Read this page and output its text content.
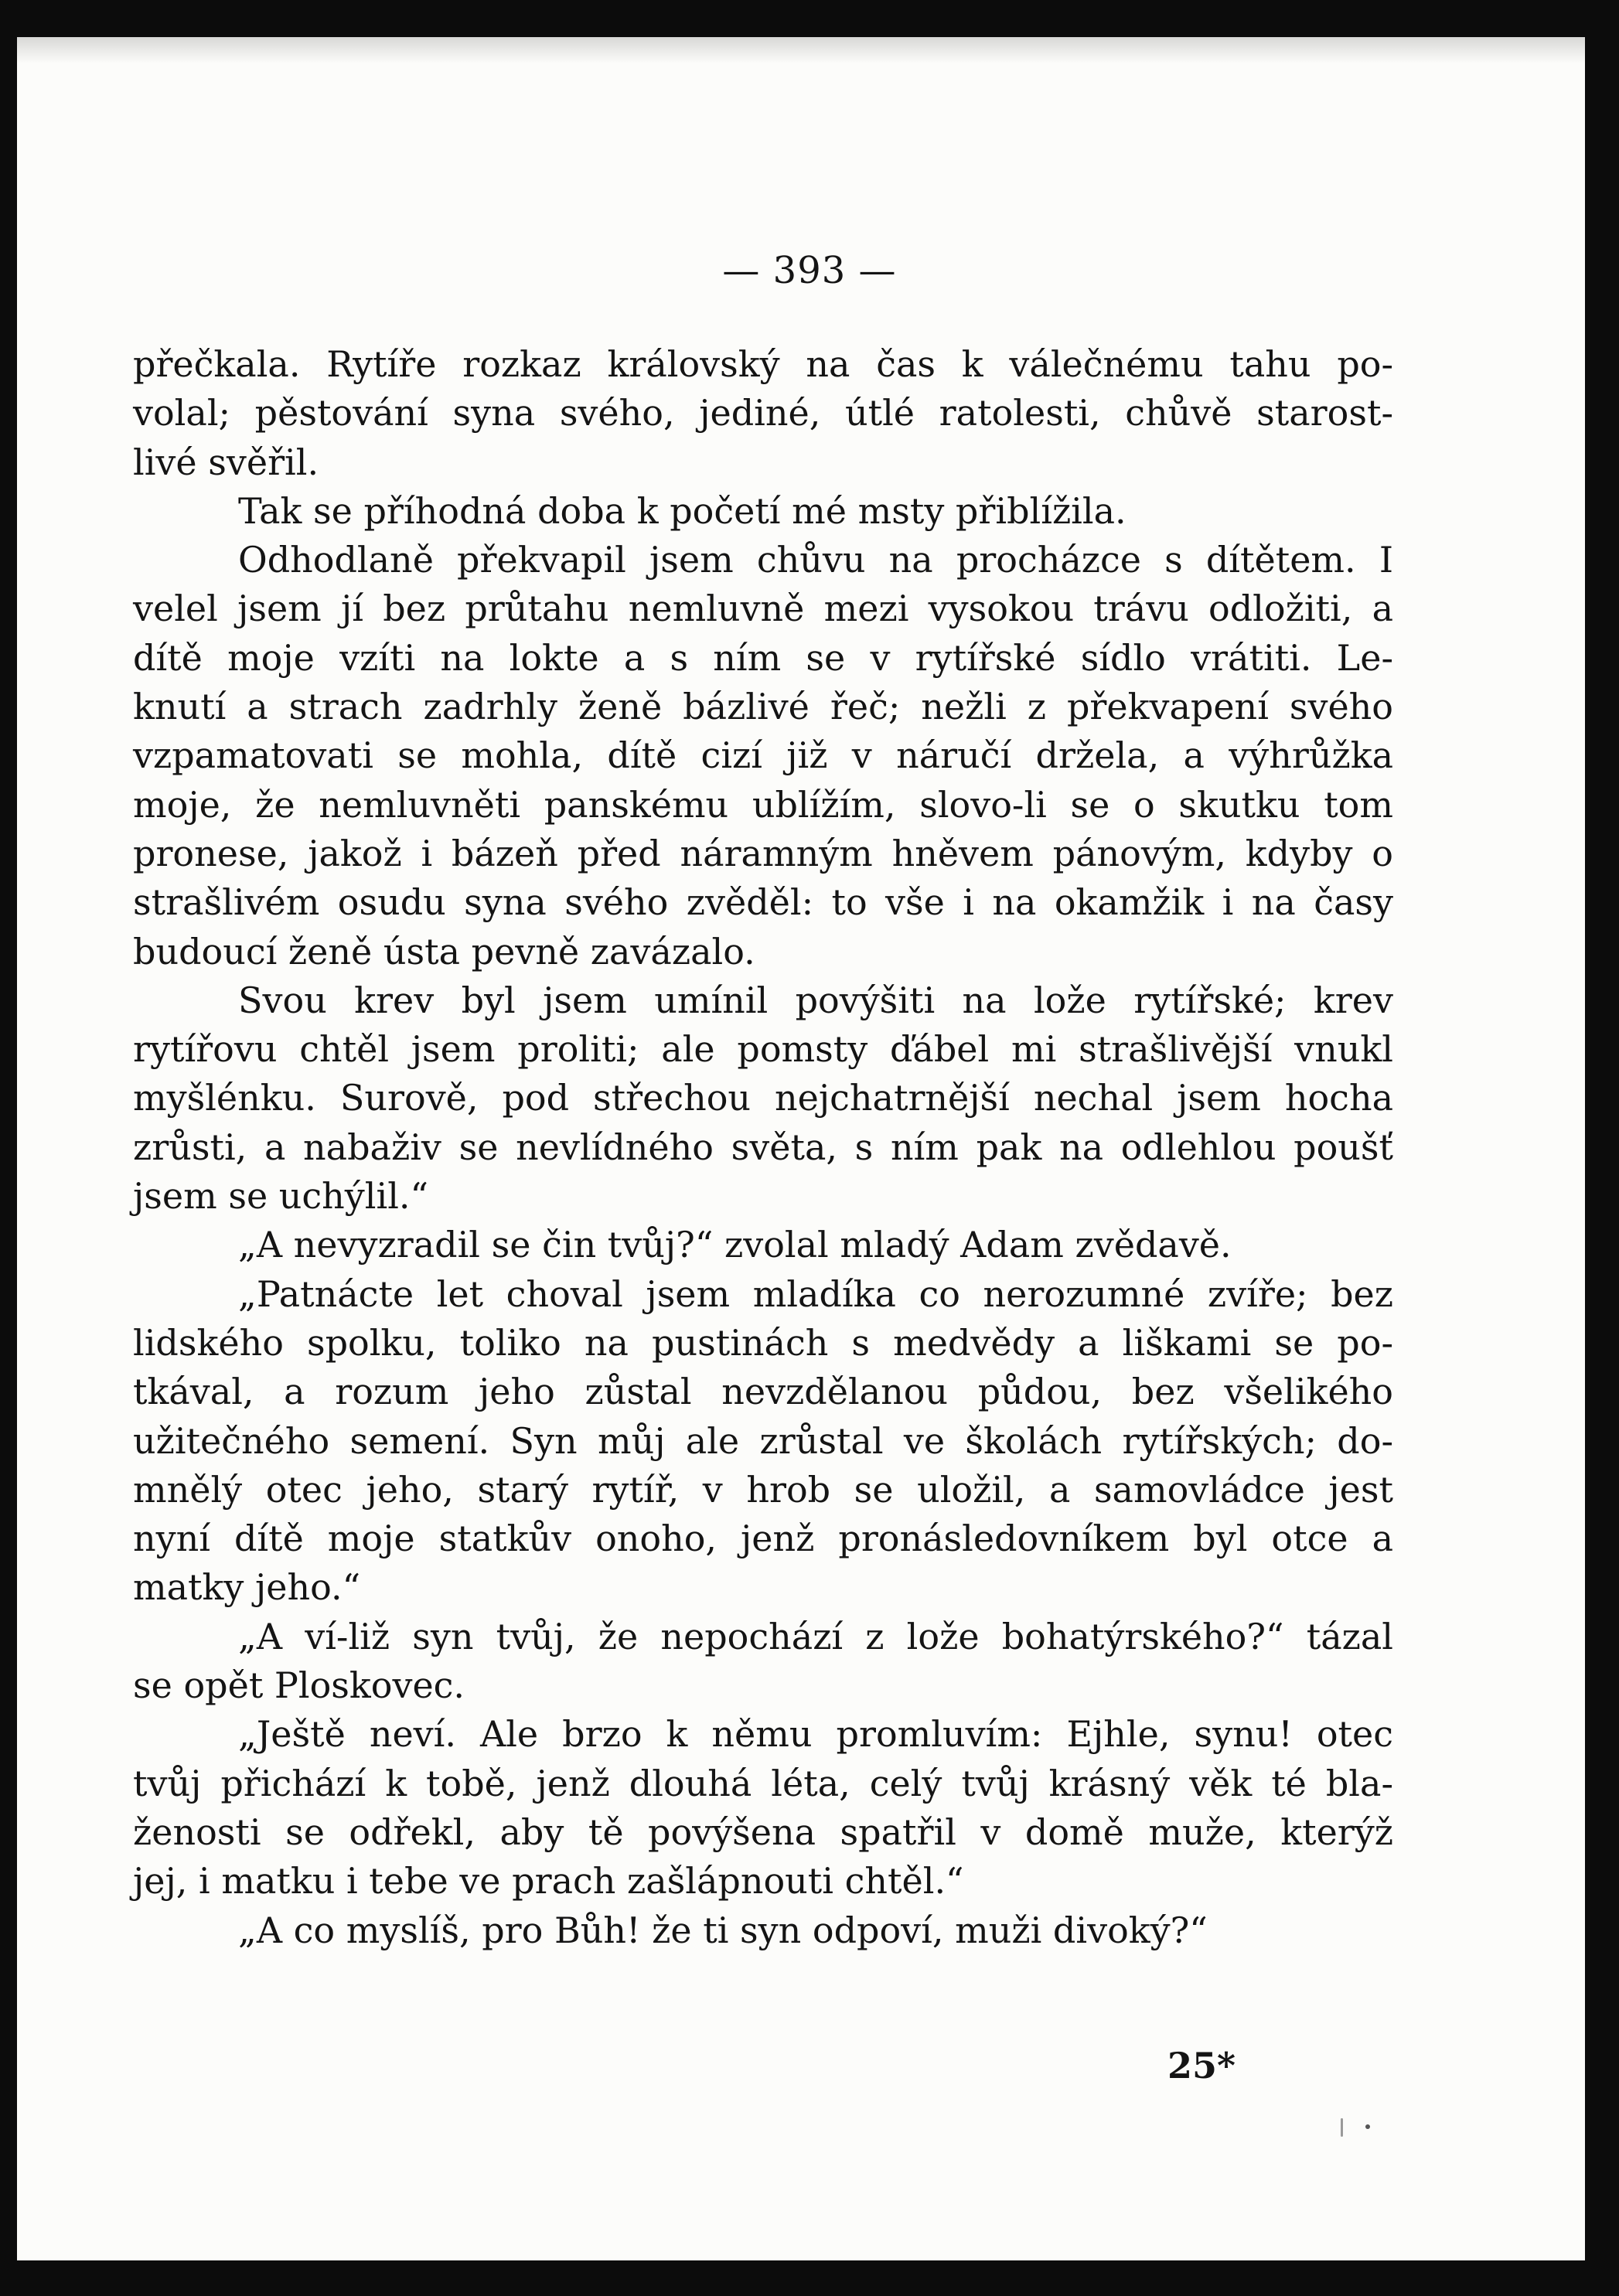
— 393 —
přečkala. Rytíře rozkaz královský na čas k válečnému tahu po-
volal; pěstování syna svého, jediné, útlé ratolesti, chůvě starost-
livé svěřil.
Tak se příhodná doba k početí mé msty přiblížila.
Odhodlaně překvapil jsem chůvu na procházce s dítětem. I
velel jsem jí bez průtahu nemluvně mezi vysokou trávu odložiti, a
dítě moje vzíti na lokte a s ním se v rytířské sídlo vrátiti. Le-
knutí a strach zadrhly ženě bázlivé řeč; nežli z překvapení svého
vzpamatovati se mohla, dítě cizí již v náručí držela, a výhrůžka
moje, že nemluvněti panskému ublížím, slovo-li se o skutku tom
pronese, jakož i bázeň před náramným hněvem pánovým, kdyby o
strašlivém osudu syna svého zvěděl: to vše i na okamžik i na časy
budoucí ženě ústa pevně zavázalo.
Svou krev byl jsem umínil povýšiti na lože rytířské; krev
rytířovu chtěl jsem proliti; ale pomsty ďábel mi strašlivější vnukl
myšlénku. Surově, pod střechou nejchatrnější nechal jsem hocha
zrůsti, a nabaživ se nevlídného světa, s ním pak na odlehlou poušť
jsem se uchýlil.“
„A nevyzradil se čin tvůj?“ zvolal mladý Adam zvědavě.
„Patnácte let choval jsem mladíka co nerozumné zvíře; bez
lidského spolku, toliko na pustinách s medvědy a liškami se po-
tkával, a rozum jeho zůstal nevzdělanou půdou, bez všelikého
užitečného semení. Syn můj ale zrůstal ve školách rytířských; do-
mnělý otec jeho, starý rytíř, v hrob se uložil, a samovládce jest
nyní dítě moje statkův onoho, jenž pronásledovníkem byl otce a
matky jeho.“
„A ví-liž syn tvůj, že nepochází z lože bohatýrského?“ tázal
se opět Ploskovec.
„Ještě neví. Ale brzo k němu promluvím: Ejhle, synu! otec
tvůj přichází k tobě, jenž dlouhá léta, celý tvůj krásný věk té bla-
ženosti se odřekl, aby tě povýšena spatřil v domě muže, kterýž
jej, i matku i tebe ve prach zašlápnouti chtěl.“
„A co myslíš, pro Bůh! že ti syn odpoví, muži divoký?“
25*
